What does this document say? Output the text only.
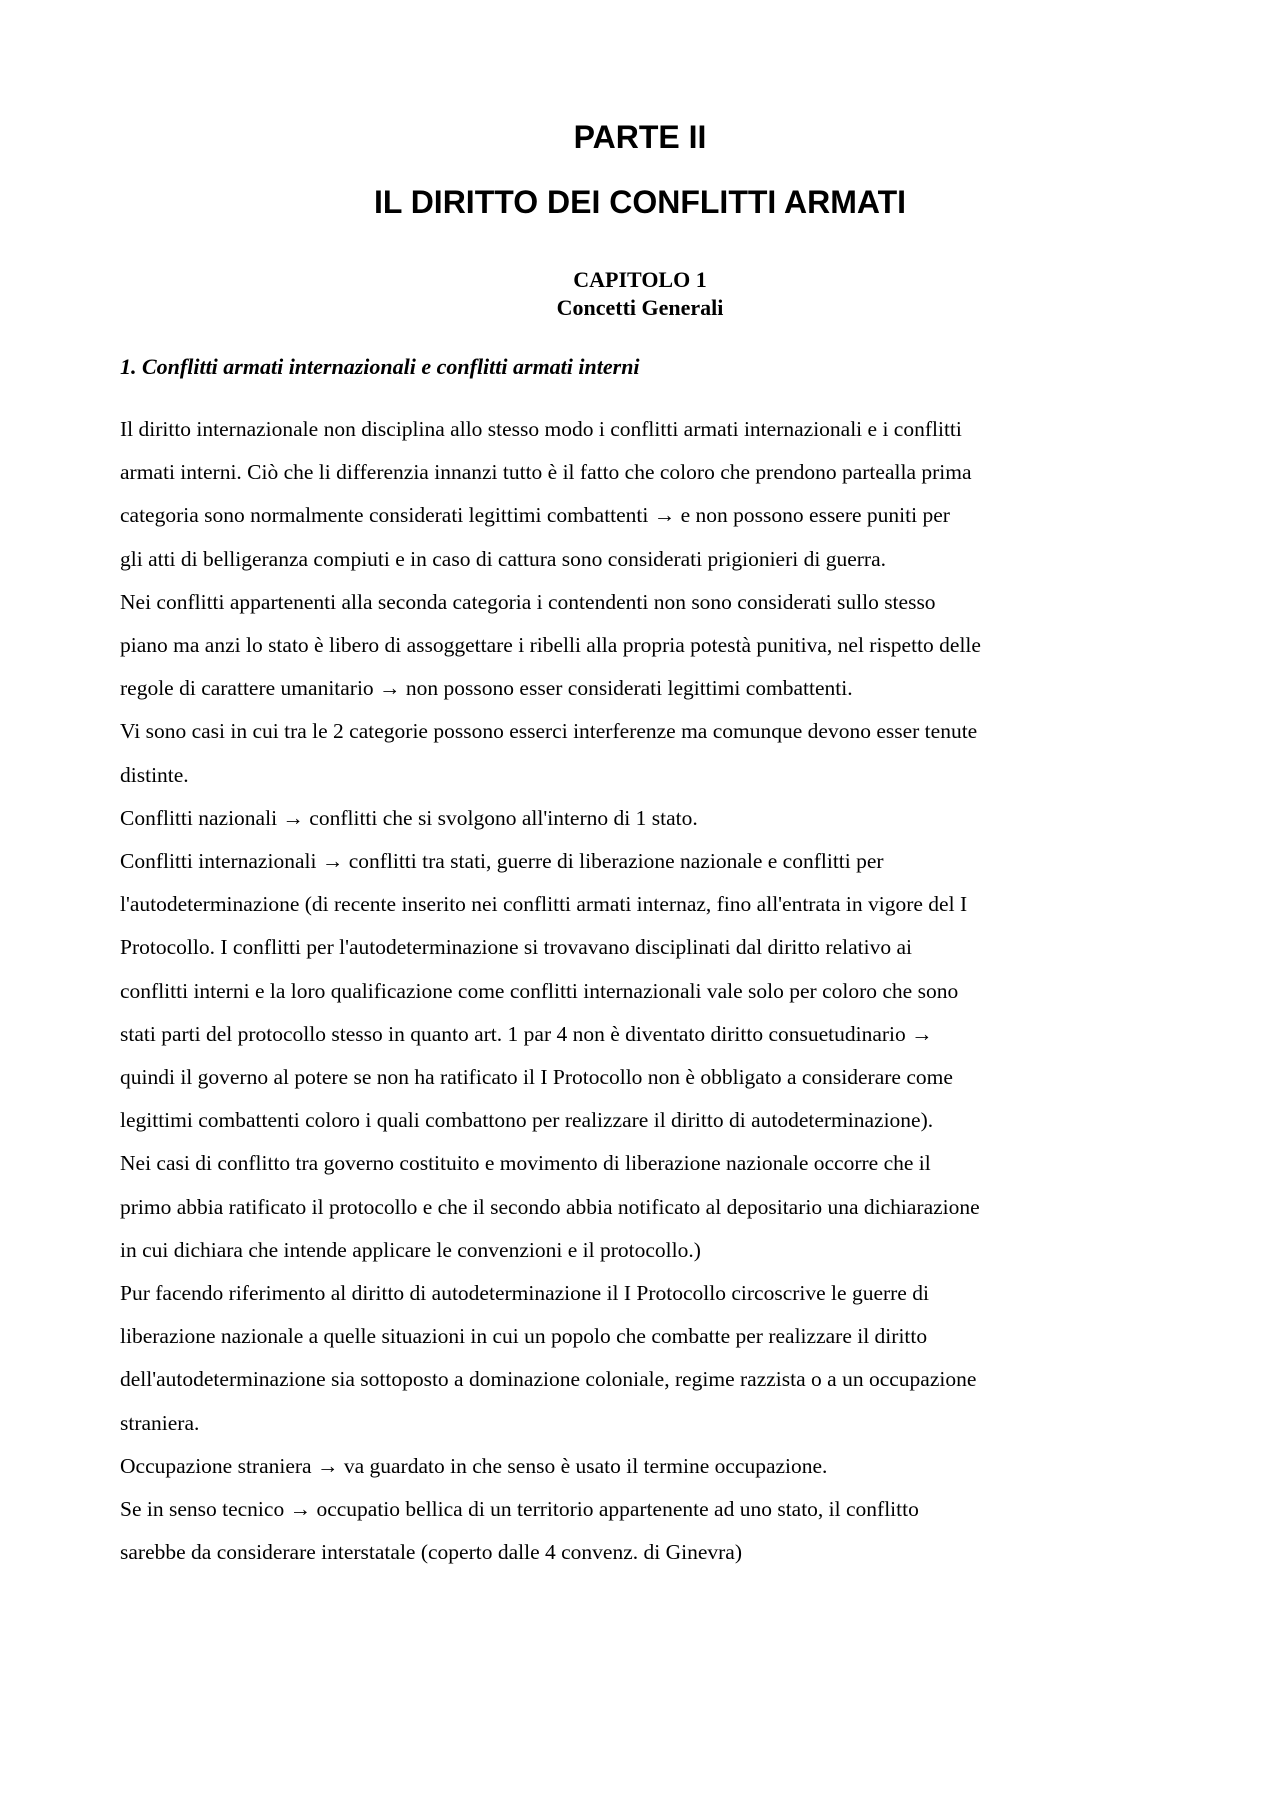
PARTE II
IL DIRITTO DEI CONFLITTI ARMATI
CAPITOLO 1
Concetti Generali
1. Conflitti armati internazionali e conflitti armati interni

Il diritto internazionale non disciplina allo stesso modo i conflitti armati internazionali e i conflitti

armati interni. Ciò che li differenzia innanzi tutto è il fatto che coloro che prendono partealla prima

categoria sono normalmente considerati legittimi combattenti → e non possono essere puniti per

gli atti di belligeranza compiuti e in caso di cattura sono considerati prigionieri di guerra.

Nei conflitti appartenenti alla seconda categoria i contendenti non sono considerati sullo stesso

piano ma anzi lo stato è libero di assoggettare i ribelli alla propria potestà punitiva, nel rispetto delle

regole di carattere umanitario → non possono esser considerati legittimi combattenti.

Vi sono casi in cui tra le 2 categorie possono esserci interferenze ma comunque devono esser tenute

distinte.

Conflitti nazionali → conflitti che si svolgono all'interno di 1 stato.

Conflitti internazionali → conflitti tra stati, guerre di liberazione nazionale e conflitti per

l'autodeterminazione (di recente inserito nei conflitti armati internaz, fino all'entrata in vigore del I

Protocollo. I conflitti per l'autodeterminazione si trovavano disciplinati dal diritto relativo ai

conflitti interni e la loro qualificazione come conflitti internazionali vale solo per coloro che sono

stati parti del protocollo stesso in quanto art. 1 par 4 non è diventato diritto consuetudinario →

quindi il governo al potere se non ha ratificato il I Protocollo non è obbligato a considerare come

legittimi combattenti coloro i quali combattono per realizzare il diritto di autodeterminazione).

Nei casi di conflitto tra governo costituito e movimento di liberazione nazionale occorre che il

primo abbia ratificato il protocollo e che il secondo abbia notificato al depositario una dichiarazione

in cui dichiara che intende applicare le convenzioni e il protocollo.)

Pur facendo riferimento al diritto di autodeterminazione il I Protocollo circoscrive le guerre di

liberazione nazionale a quelle situazioni in cui un popolo che combatte per realizzare il diritto

dell'autodeterminazione sia sottoposto a dominazione coloniale, regime razzista o a un occupazione

straniera.

Occupazione straniera → va guardato in che senso è usato il termine occupazione.

Se in senso tecnico → occupatio bellica di un territorio appartenente ad uno stato, il conflitto

sarebbe da considerare interstatale (coperto dalle 4 convenz. di Ginevra)
